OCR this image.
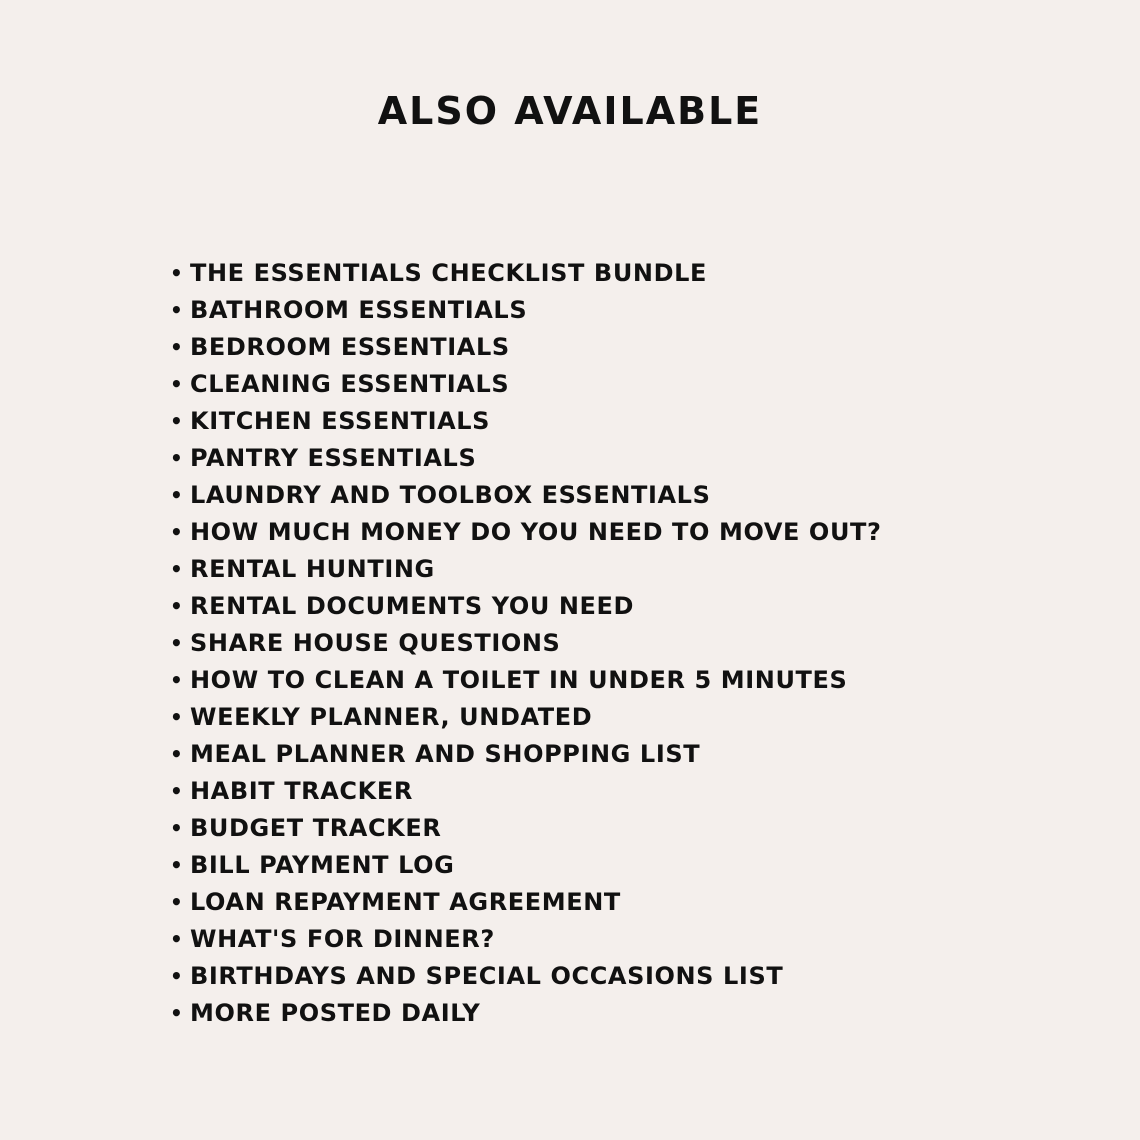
ALSO AVAILABLE
• THE ESSENTIALS CHECKLIST BUNDLE
• BATHROOM ESSENTIALS
• BEDROOM ESSENTIALS
• CLEANING ESSENTIALS
• KITCHEN ESSENTIALS
• PANTRY ESSENTIALS
• LAUNDRY AND TOOLBOX ESSENTIALS
• HOW MUCH MONEY DO YOU NEED TO MOVE OUT?
• RENTAL HUNTING
• RENTAL DOCUMENTS YOU NEED
• SHARE HOUSE QUESTIONS
• HOW TO CLEAN A TOILET IN UNDER 5 MINUTES
• WEEKLY PLANNER, UNDATED
• MEAL PLANNER AND SHOPPING LIST
• HABIT TRACKER
• BUDGET TRACKER
• BILL PAYMENT LOG
• LOAN REPAYMENT AGREEMENT
• WHAT'S FOR DINNER?
• BIRTHDAYS AND SPECIAL OCCASIONS LIST
• MORE POSTED DAILY
